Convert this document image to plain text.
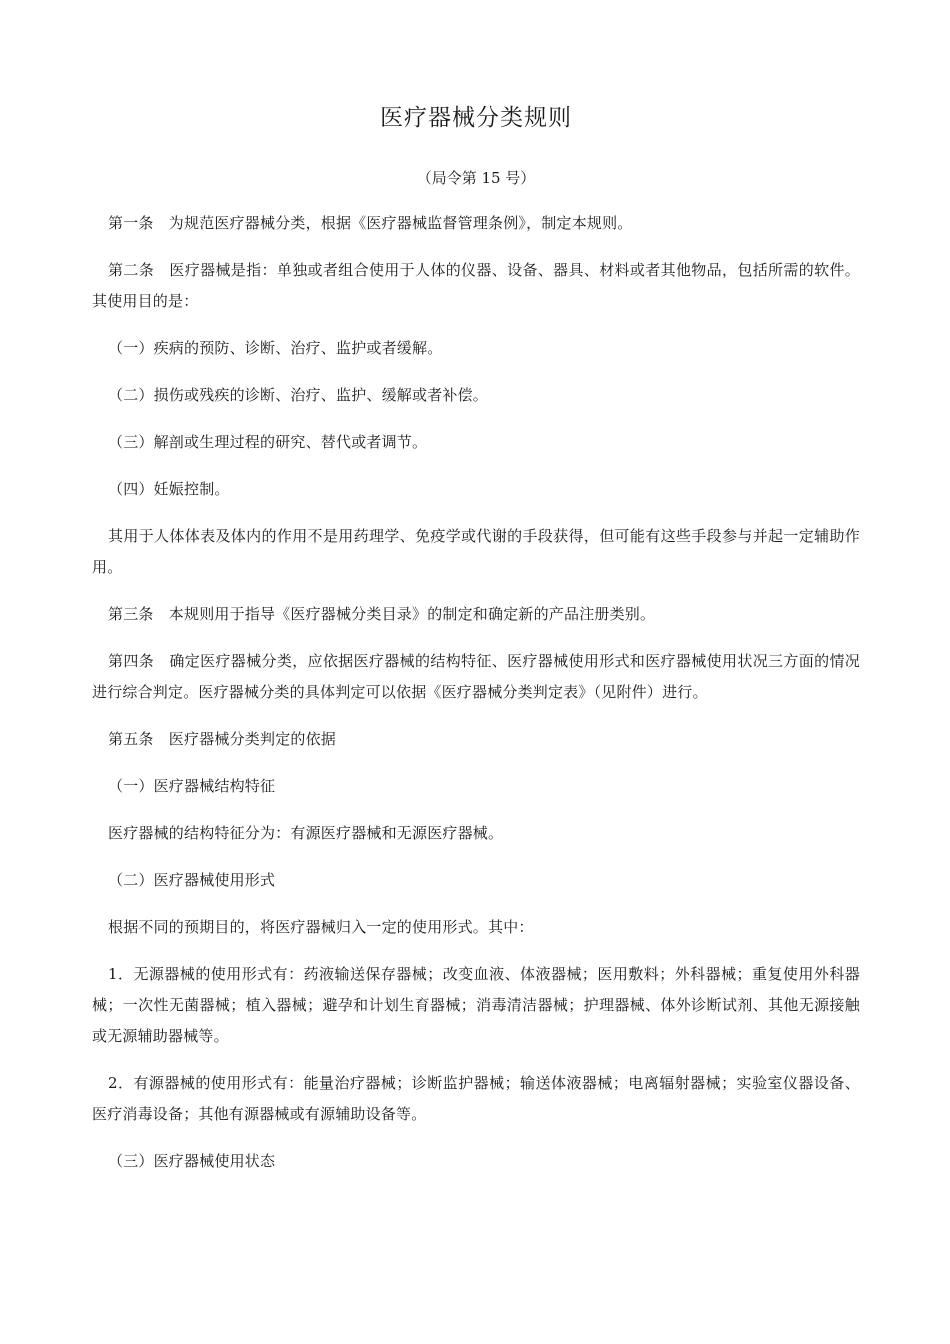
医疗器械分类规则
（局令第 15 号）

第一条　为规范医疗器械分类，根据《医疗器械监督管理条例》，制定本规则。

第二条　医疗器械是指：单独或者组合使用于人体的仪器、设备、器具、材料或者其他物品，包括所需的软件。其使用目的是：

（一）疾病的预防、诊断、治疗、监护或者缓解。

（二）损伤或残疾的诊断、治疗、监护、缓解或者补偿。

（三）解剖或生理过程的研究、替代或者调节。

（四）妊娠控制。

其用于人体体表及体内的作用不是用药理学、免疫学或代谢的手段获得，但可能有这些手段参与并起一定辅助作用。

第三条　本规则用于指导《医疗器械分类目录》的制定和确定新的产品注册类别。

第四条　确定医疗器械分类，应依据医疗器械的结构特征、医疗器械使用形式和医疗器械使用状况三方面的情况进行综合判定。医疗器械分类的具体判定可以依据《医疗器械分类判定表》（见附件）进行。

第五条　医疗器械分类判定的依据

（一）医疗器械结构特征

医疗器械的结构特征分为：有源医疗器械和无源医疗器械。

（二）医疗器械使用形式

根据不同的预期目的，将医疗器械归入一定的使用形式。其中：

1．无源器械的使用形式有：药液输送保存器械；改变血液、体液器械；医用敷料；外科器械；重复使用外科器械；一次性无菌器械；植入器械；避孕和计划生育器械；消毒清洁器械；护理器械、体外诊断试剂、其他无源接触或无源辅助器械等。

2．有源器械的使用形式有：能量治疗器械；诊断监护器械；输送体液器械；电离辐射器械；实验室仪器设备、医疗消毒设备；其他有源器械或有源辅助设备等。

（三）医疗器械使用状态
